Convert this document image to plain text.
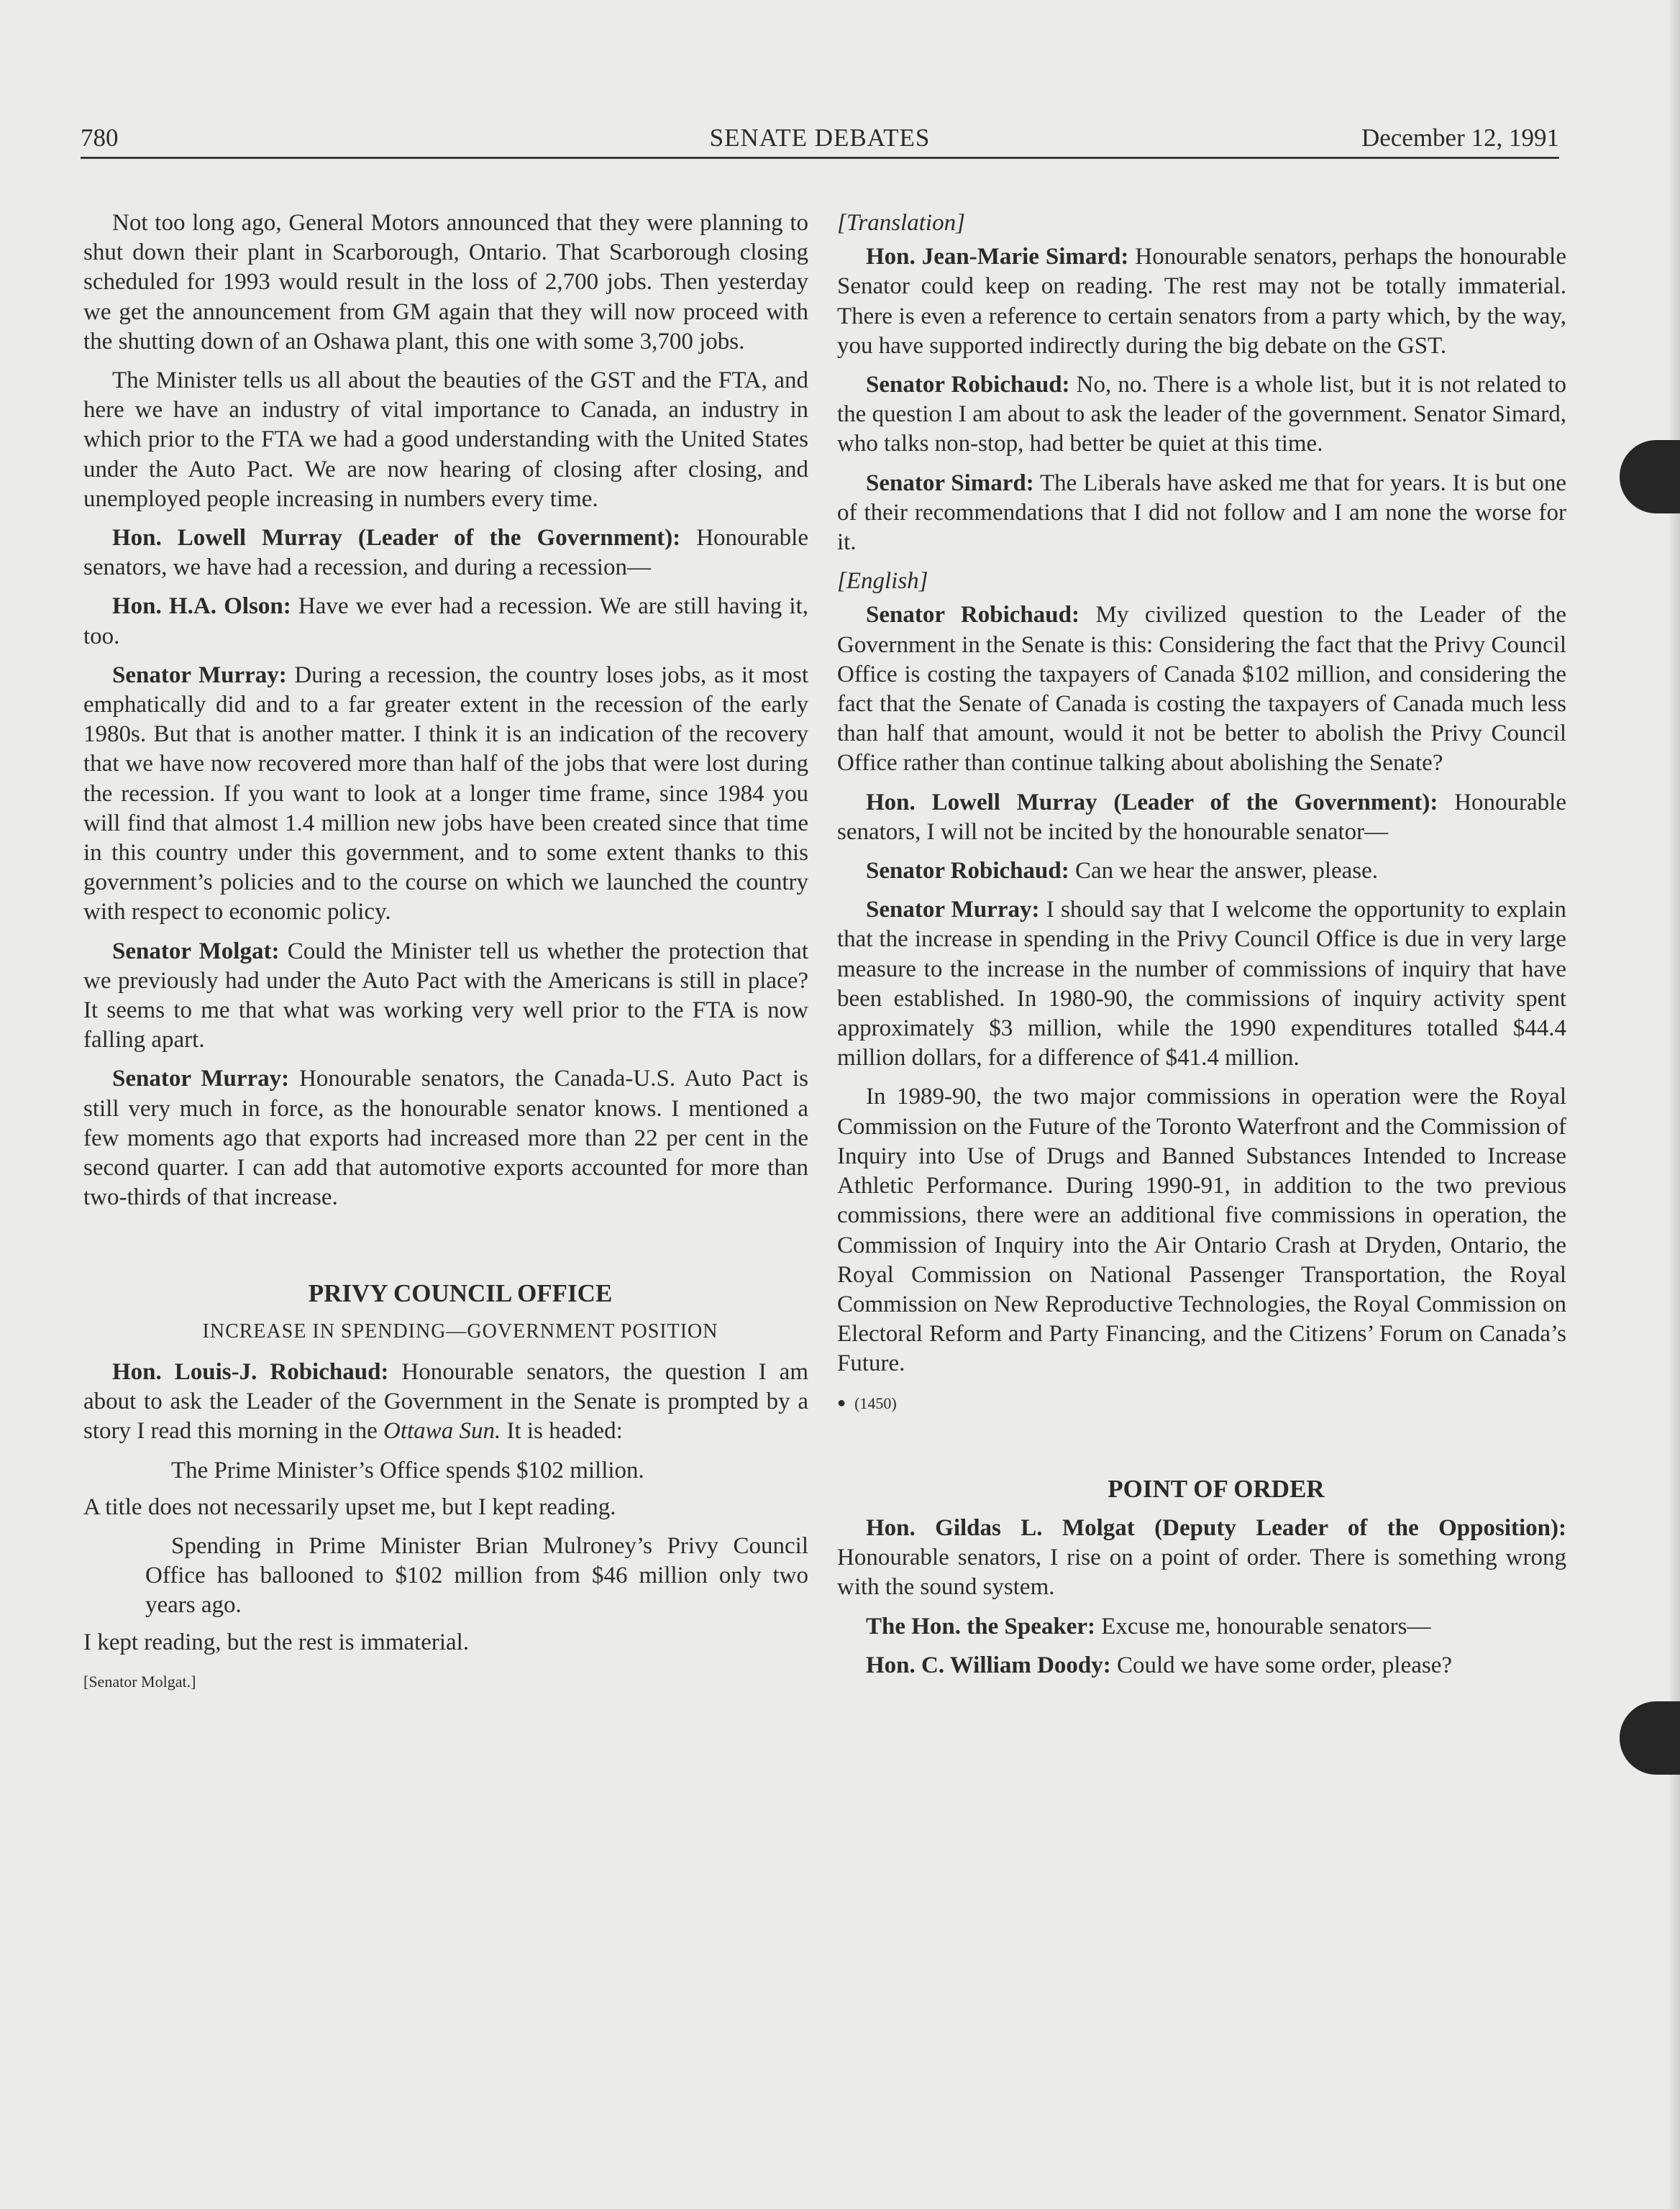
780	SENATE DEBATES	December 12, 1991

Not too long ago, General Motors announced that they were planning to shut down their plant in Scarborough, Ontario. That Scarborough closing scheduled for 1993 would result in the loss of 2,700 jobs. Then yesterday we get the announcement from GM again that they will now proceed with the shutting down of an Oshawa plant, this one with some 3,700 jobs.

The Minister tells us all about the beauties of the GST and the FTA, and here we have an industry of vital importance to Canada, an industry in which prior to the FTA we had a good understanding with the United States under the Auto Pact. We are now hearing of closing after closing, and unemployed people increasing in numbers every time.

Hon. Lowell Murray (Leader of the Government): Honourable senators, we have had a recession, and during a recession—

Hon. H.A. Olson: Have we ever had a recession. We are still having it, too.

Senator Murray: During a recession, the country loses jobs, as it most emphatically did and to a far greater extent in the recession of the early 1980s. But that is another matter. I think it is an indication of the recovery that we have now recovered more than half of the jobs that were lost during the recession. If you want to look at a longer time frame, since 1984 you will find that almost 1.4 million new jobs have been created since that time in this country under this government, and to some extent thanks to this government’s policies and to the course on which we launched the country with respect to economic policy.

Senator Molgat: Could the Minister tell us whether the protection that we previously had under the Auto Pact with the Americans is still in place? It seems to me that what was working very well prior to the FTA is now falling apart.

Senator Murray: Honourable senators, the Canada-U.S. Auto Pact is still very much in force, as the honourable senator knows. I mentioned a few moments ago that exports had increased more than 22 per cent in the second quarter. I can add that automotive exports accounted for more than two-thirds of that increase.

PRIVY COUNCIL OFFICE

INCREASE IN SPENDING—GOVERNMENT POSITION

Hon. Louis-J. Robichaud: Honourable senators, the question I am about to ask the Leader of the Government in the Senate is prompted by a story I read this morning in the Ottawa Sun. It is headed:

The Prime Minister’s Office spends $102 million.

A title does not necessarily upset me, but I kept reading.

Spending in Prime Minister Brian Mulroney’s Privy Council Office has ballooned to $102 million from $46 million only two years ago.

I kept reading, but the rest is immaterial.

[Senator Molgat.]

[Translation]

Hon. Jean-Marie Simard: Honourable senators, perhaps the honourable Senator could keep on reading. The rest may not be totally immaterial. There is even a reference to certain senators from a party which, by the way, you have supported indirectly during the big debate on the GST.

Senator Robichaud: No, no. There is a whole list, but it is not related to the question I am about to ask the leader of the government. Senator Simard, who talks non-stop, had better be quiet at this time.

Senator Simard: The Liberals have asked me that for years. It is but one of their recommendations that I did not follow and I am none the worse for it.

[English]

Senator Robichaud: My civilized question to the Leader of the Government in the Senate is this: Considering the fact that the Privy Council Office is costing the taxpayers of Canada $102 million, and considering the fact that the Senate of Canada is costing the taxpayers of Canada much less than half that amount, would it not be better to abolish the Privy Council Office rather than continue talking about abolishing the Senate?

Hon. Lowell Murray (Leader of the Government): Honourable senators, I will not be incited by the honourable senator—

Senator Robichaud: Can we hear the answer, please.

Senator Murray: I should say that I welcome the opportunity to explain that the increase in spending in the Privy Council Office is due in very large measure to the increase in the number of commissions of inquiry that have been established. In 1980-90, the commissions of inquiry activity spent approximately $3 million, while the 1990 expenditures totalled $44.4 million dollars, for a difference of $41.4 million.

In 1989-90, the two major commissions in operation were the Royal Commission on the Future of the Toronto Waterfront and the Commission of Inquiry into Use of Drugs and Banned Substances Intended to Increase Athletic Performance. During 1990-91, in addition to the two previous commissions, there were an additional five commissions in operation, the Commission of Inquiry into the Air Ontario Crash at Dryden, Ontario, the Royal Commission on National Passenger Transportation, the Royal Commission on New Reproductive Technologies, the Royal Commission on Electoral Reform and Party Financing, and the Citizens’ Forum on Canada’s Future.

● (1450)

POINT OF ORDER

Hon. Gildas L. Molgat (Deputy Leader of the Opposition): Honourable senators, I rise on a point of order. There is something wrong with the sound system.

The Hon. the Speaker: Excuse me, honourable senators—

Hon. C. William Doody: Could we have some order, please?
